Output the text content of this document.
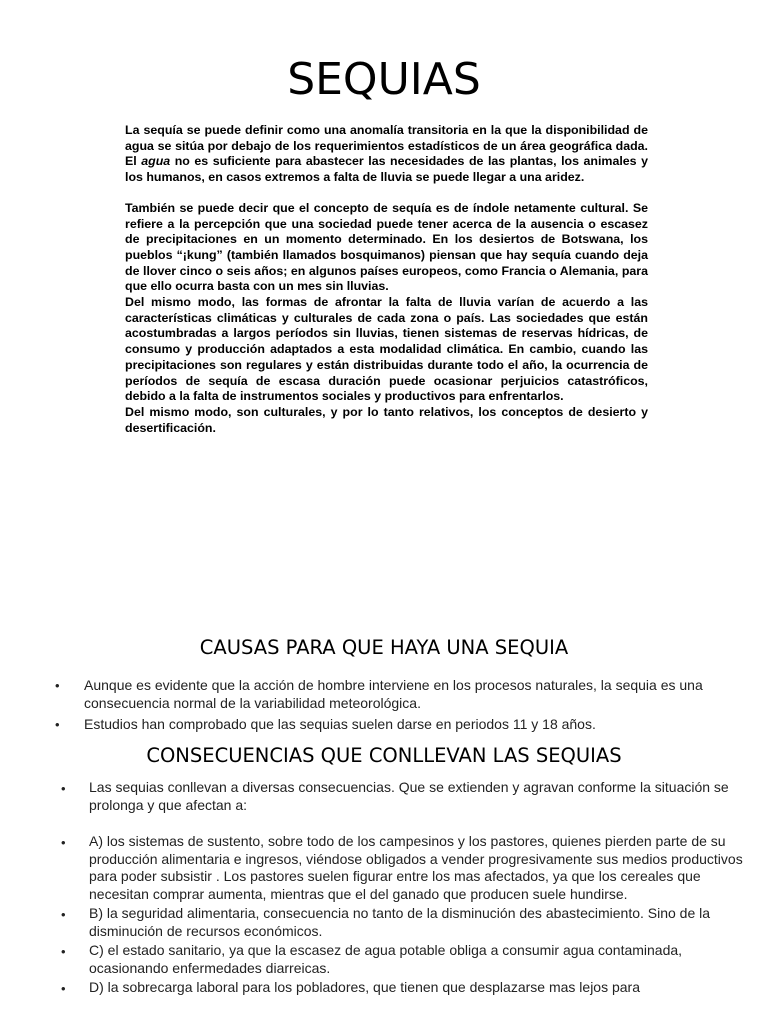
SEQUIAS

La sequía se puede definir como una anomalía transitoria en la que la disponibilidad de agua se sitúa por debajo de los requerimientos estadísticos de un área geográfica dada. El agua no es suficiente para abastecer las necesidades de las plantas, los animales y los humanos, en casos extremos a falta de lluvia se puede llegar a una aridez.

También se puede decir que el concepto de sequía es de índole netamente cultural. Se refiere a la percepción que una sociedad puede tener acerca de la ausencia o escasez de precipitaciones en un momento determinado. En los desiertos de Botswana, los pueblos “¡kung” (también llamados bosquimanos) piensan que hay sequía cuando deja de llover cinco o seis años; en algunos países europeos, como Francia o Alemania, para que ello ocurra basta con un mes sin lluvias.

Del mismo modo, las formas de afrontar la falta de lluvia varían de acuerdo a las características climáticas y culturales de cada zona o país. Las sociedades que están acostumbradas a largos períodos sin lluvias, tienen sistemas de reservas hídricas, de consumo y producción adaptados a esta modalidad climática. En cambio, cuando las precipitaciones son regulares y están distribuidas durante todo el año, la ocurrencia de períodos de sequía de escasa duración puede ocasionar perjuicios catastróficos, debido a la falta de instrumentos sociales y productivos para enfrentarlos.

Del mismo modo, son culturales, y por lo tanto relativos, los conceptos de desierto y desertificación.

CAUSAS PARA QUE HAYA UNA SEQUIA
• Aunque es evidente que la acción de hombre interviene en los procesos naturales, la sequia es una consecuencia normal de la variabilidad meteorológica.
• Estudios han comprobado que las sequias suelen darse en periodos 11 y 18 años.
CONSECUENCIAS QUE CONLLEVAN LAS SEQUIAS
• Las sequias conllevan a diversas consecuencias. Que se extienden y agravan conforme la situación se prolonga y que afectan a:
• A) los sistemas de sustento, sobre todo de los campesinos y los pastores, quienes pierden parte de su producción alimentaria e ingresos, viéndose obligados a vender progresivamente sus medios productivos para poder subsistir . Los pastores suelen figurar entre los mas afectados, ya que los cereales que necesitan comprar aumenta, mientras que el del ganado que producen suele hundirse.
• B) la seguridad alimentaria, consecuencia no tanto de la disminución des abastecimiento. Sino de la disminución de recursos económicos.
• C) el estado sanitario, ya que la escasez de agua potable obliga a consumir agua contaminada, ocasionando enfermedades diarreicas.
• D) la sobrecarga laboral para los pobladores, que tienen que desplazarse mas lejos para
